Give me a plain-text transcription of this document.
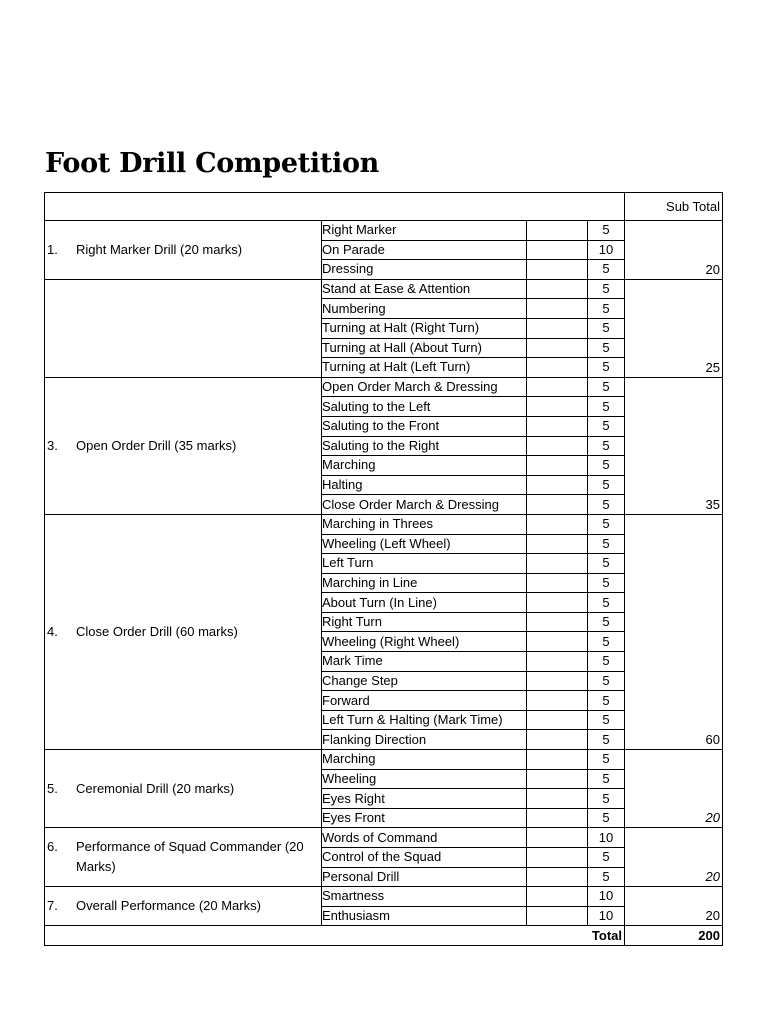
Foot Drill Competition
				Sub Total

1. Right Marker Drill (20 marks)	Right Marker		5	20
	On Parade		10	
	Dressing		5	

	Stand at Ease & Attention		5	25
	Numbering		5	
	Turning at Halt (Right Turn)		5	
	Turning at Hall (About Turn)		5	
	Turning at Halt (Left Turn)		5	

3. Open Order Drill (35 marks)	Open Order March & Dressing		5	35
	Saluting to the Left		5	
	Saluting to the Front		5	
	Saluting to the Right		5	
	Marching		5	
	Halting		5	
	Close Order March & Dressing		5	

4. Close Order Drill (60 marks)	Marching in Threes		5	60
	Wheeling (Left Wheel)		5	
	Left Turn		5	
	Marching in Line		5	
	About Turn (In Line)		5	
	Right Turn		5	
	Wheeling (Right Wheel)		5	
	Mark Time		5	
	Change Step		5	
	Forward		5	
	Left Turn & Halting (Mark Time)		5	
	Flanking Direction		5	

5. Ceremonial Drill (20 marks)	Marching		5	20
	Wheeling		5	
	Eyes Right		5	
	Eyes Front		5	

6. Performance of Squad Commander (20 Marks)	Words of Command		10	20
	Control of the Squad		5	
	Personal Drill		5	

7. Overall Performance (20 Marks)	Smartness		10	20
	Enthusiasm		10	
Total				200
